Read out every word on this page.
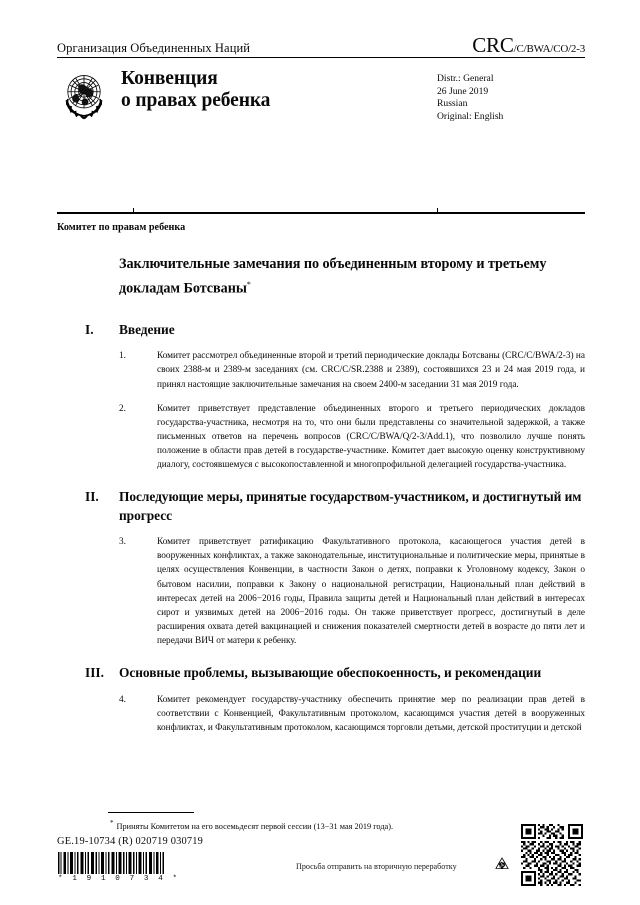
Организация Объединенных Наций	CRC/C/BWA/CO/2-3
Конвенция
о правах ребенка
Distr.: General
26 June 2019
Russian
Original: English
Комитет по правам ребенка
Заключительные замечания по объединенным второму и третьему докладам Ботсваны*
I.	Введение
1.	Комитет рассмотрел объединенные второй и третий периодические доклады Ботсваны (CRC/C/BWA/2-3) на своих 2388-м и 2389-м заседаниях (см. CRC/C/SR.2388 и 2389), состоявшихся 23 и 24 мая 2019 года, и принял настоящие заключительные замечания на своем 2400-м заседании 31 мая 2019 года.
2.	Комитет приветствует представление объединенных второго и третьего периодических докладов государства-участника, несмотря на то, что они были представлены со значительной задержкой, а также письменных ответов на перечень вопросов (CRC/C/BWA/Q/2-3/Add.1), что позволило лучше понять положение в области прав детей в государстве-участнике. Комитет дает высокую оценку конструктивному диалогу, состоявшемуся с высокопоставленной и многопрофильной делегацией государства-участника.
II.	Последующие меры, принятые государством-участником, и достигнутый им прогресс
3.	Комитет приветствует ратификацию Факультативного протокола, касающегося участия детей в вооруженных конфликтах, а также законодательные, институциональные и политические меры, принятые в целях осуществления Конвенции, в частности Закон о детях, поправки к Уголовному кодексу, Закон о бытовом насилии, поправки к Закону о национальной регистрации, Национальный план действий в интересах детей на 2006−2016 годы, Правила защиты детей и Национальный план действий в интересах сирот и уязвимых детей на 2006−2016 годы. Он также приветствует прогресс, достигнутый в деле расширения охвата детей вакцинацией и снижения показателей смертности детей в возрасте до пяти лет и передачи ВИЧ от матери к ребенку.
III.	Основные проблемы, вызывающие обеспокоенность, и рекомендации
4.	Комитет рекомендует государству-участнику обеспечить принятие мер по реализации прав детей в соответствии с Конвенцией, Факультативным протоколом, касающимся участия детей в вооруженных конфликтах, и Факультативным протоколом, касающимся торговли детьми, детской проституции и детской
* Приняты Комитетом на его восемьдесят первой сессии (13−31 мая 2019 года).
GE.19-10734 (R) 020719 030719
* 1 9 1 0 7 3 4 *
Просьба отправить на вторичную переработку
